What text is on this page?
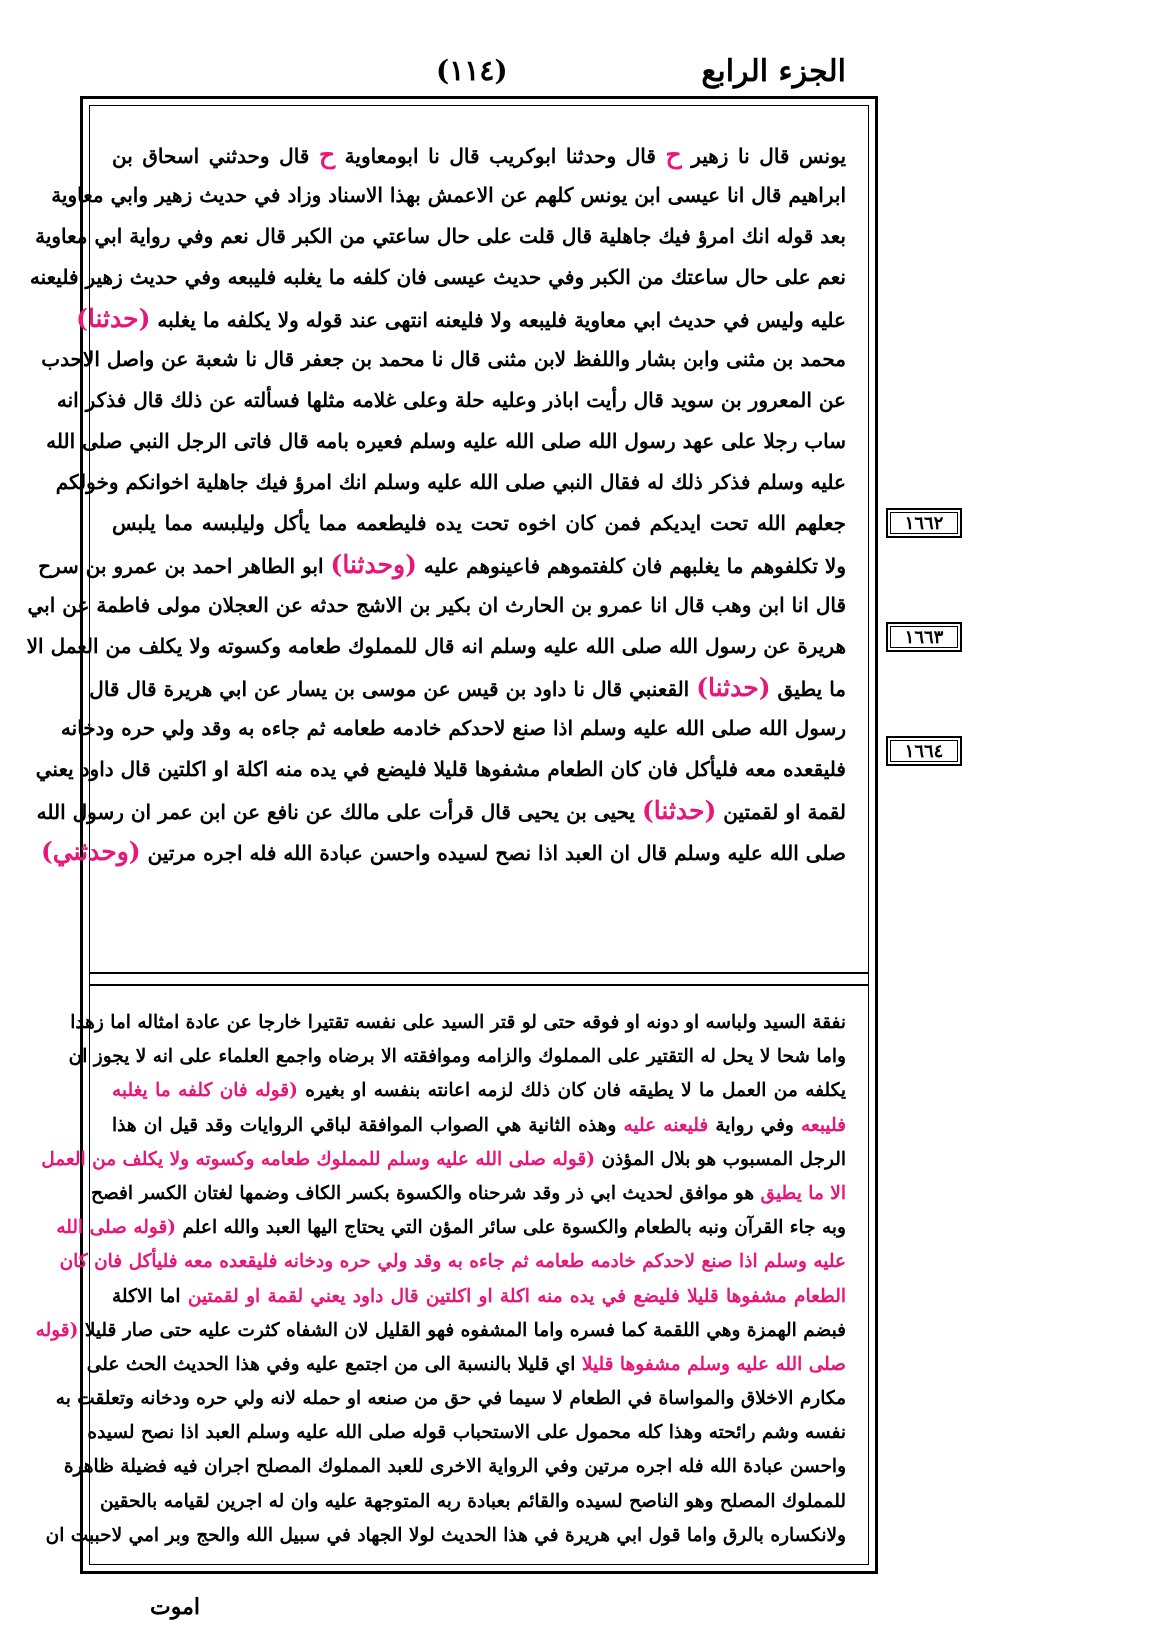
الجزء الرابع
(١١٤)
يونس قال نا زهير ح قال وحدثنا ابوكريب قال نا ابومعاوية ح قال وحدثني اسحاق بن
ابراهيم قال انا عيسى ابن يونس كلهم عن الاعمش بهذا الاسناد وزاد في حديث زهير وابي معاوية
بعد قوله انك امرؤ فيك جاهلية قال قلت على حال ساعتي من الكبر قال نعم وفي رواية ابي معاوية
نعم على حال ساعتك من الكبر وفي حديث عيسى فان كلفه ما يغلبه فليبعه وفي حديث زهير فليعنه
عليه وليس في حديث ابي معاوية فليبعه ولا فليعنه انتهى عند قوله ولا يكلفه ما يغلبه (حدثنا)
محمد بن مثنى وابن بشار واللفظ لابن مثنى قال نا محمد بن جعفر قال نا شعبة عن واصل الاحدب
عن المعرور بن سويد قال رأيت اباذر وعليه حلة وعلى غلامه مثلها فسألته عن ذلك قال فذكر انه
ساب رجلا على عهد رسول الله صلى الله عليه وسلم فعيره بامه قال فاتى الرجل النبي صلى الله
عليه وسلم فذكر ذلك له فقال النبي صلى الله عليه وسلم انك امرؤ فيك جاهلية اخوانكم وخولكم
جعلهم الله تحت ايديكم فمن كان اخوه تحت يده فليطعمه مما يأكل وليلبسه مما يلبس
ولا تكلفوهم ما يغلبهم فان كلفتموهم فاعينوهم عليه (وحدثنا) ابو الطاهر احمد بن عمرو بن سرح
قال انا ابن وهب قال انا عمرو بن الحارث ان بكير بن الاشج حدثه عن العجلان مولى فاطمة عن ابي
هريرة عن رسول الله صلى الله عليه وسلم انه قال للمملوك طعامه وكسوته ولا يكلف من العمل الا
ما يطيق (حدثنا) القعنبي قال نا داود بن قيس عن موسى بن يسار عن ابي هريرة قال قال
رسول الله صلى الله عليه وسلم اذا صنع لاحدكم خادمه طعامه ثم جاءه به وقد ولي حره ودخانه
فليقعده معه فليأكل فان كان الطعام مشفوها قليلا فليضع في يده منه اكلة او اكلتين قال داود يعني
لقمة او لقمتين (حدثنا) يحيى بن يحيى قال قرأت على مالك عن نافع عن ابن عمر ان رسول الله
صلى الله عليه وسلم قال ان العبد اذا نصح لسيده واحسن عبادة الله فله اجره مرتين (وحدثني)
نفقة السيد ولباسه او دونه او فوقه حتى لو قتر السيد على نفسه تقتيرا خارجا عن عادة امثاله اما زهدا
واما شحا لا يحل له التقتير على المملوك والزامه وموافقته الا برضاه واجمع العلماء على انه لا يجوز ان
يكلفه من العمل ما لا يطيقه فان كان ذلك لزمه اعانته بنفسه او بغيره (قوله فان كلفه ما يغلبه
فليبعه وفي رواية فليعنه عليه وهذه الثانية هي الصواب الموافقة لباقي الروايات وقد قيل ان هذا
الرجل المسبوب هو بلال المؤذن (قوله صلى الله عليه وسلم للمملوك طعامه وكسوته ولا يكلف من العمل
الا ما يطيق هو موافق لحديث ابي ذر وقد شرحناه والكسوة بكسر الكاف وضمها لغتان الكسر افصح
وبه جاء القرآن ونبه بالطعام والكسوة على سائر المؤن التي يحتاج اليها العبد والله اعلم (قوله صلى الله
عليه وسلم اذا صنع لاحدكم خادمه طعامه ثم جاءه به وقد ولي حره ودخانه فليقعده معه فليأكل فان كان
الطعام مشفوها قليلا فليضع في يده منه اكلة او اكلتين قال داود يعني لقمة او لقمتين اما الاكلة
فبضم الهمزة وهي اللقمة كما فسره واما المشفوه فهو القليل لان الشفاه كثرت عليه حتى صار قليلا (قوله
صلى الله عليه وسلم مشفوها قليلا اي قليلا بالنسبة الى من اجتمع عليه وفي هذا الحديث الحث على
مكارم الاخلاق والمواساة في الطعام لا سيما في حق من صنعه او حمله لانه ولي حره ودخانه وتعلقت به
نفسه وشم رائحته وهذا كله محمول على الاستحباب قوله صلى الله عليه وسلم العبد اذا نصح لسيده
واحسن عبادة الله فله اجره مرتين وفي الرواية الاخرى للعبد المملوك المصلح اجران فيه فضيلة ظاهرة
للمملوك المصلح وهو الناصح لسيده والقائم بعبادة ربه المتوجهة عليه وان له اجرين لقيامه بالحقين
ولانكساره بالرق واما قول ابي هريرة في هذا الحديث لولا الجهاد في سبيل الله والحج وبر امي لاحببت ان
١٦٦٢
١٦٦٣
١٦٦٤
اموت
